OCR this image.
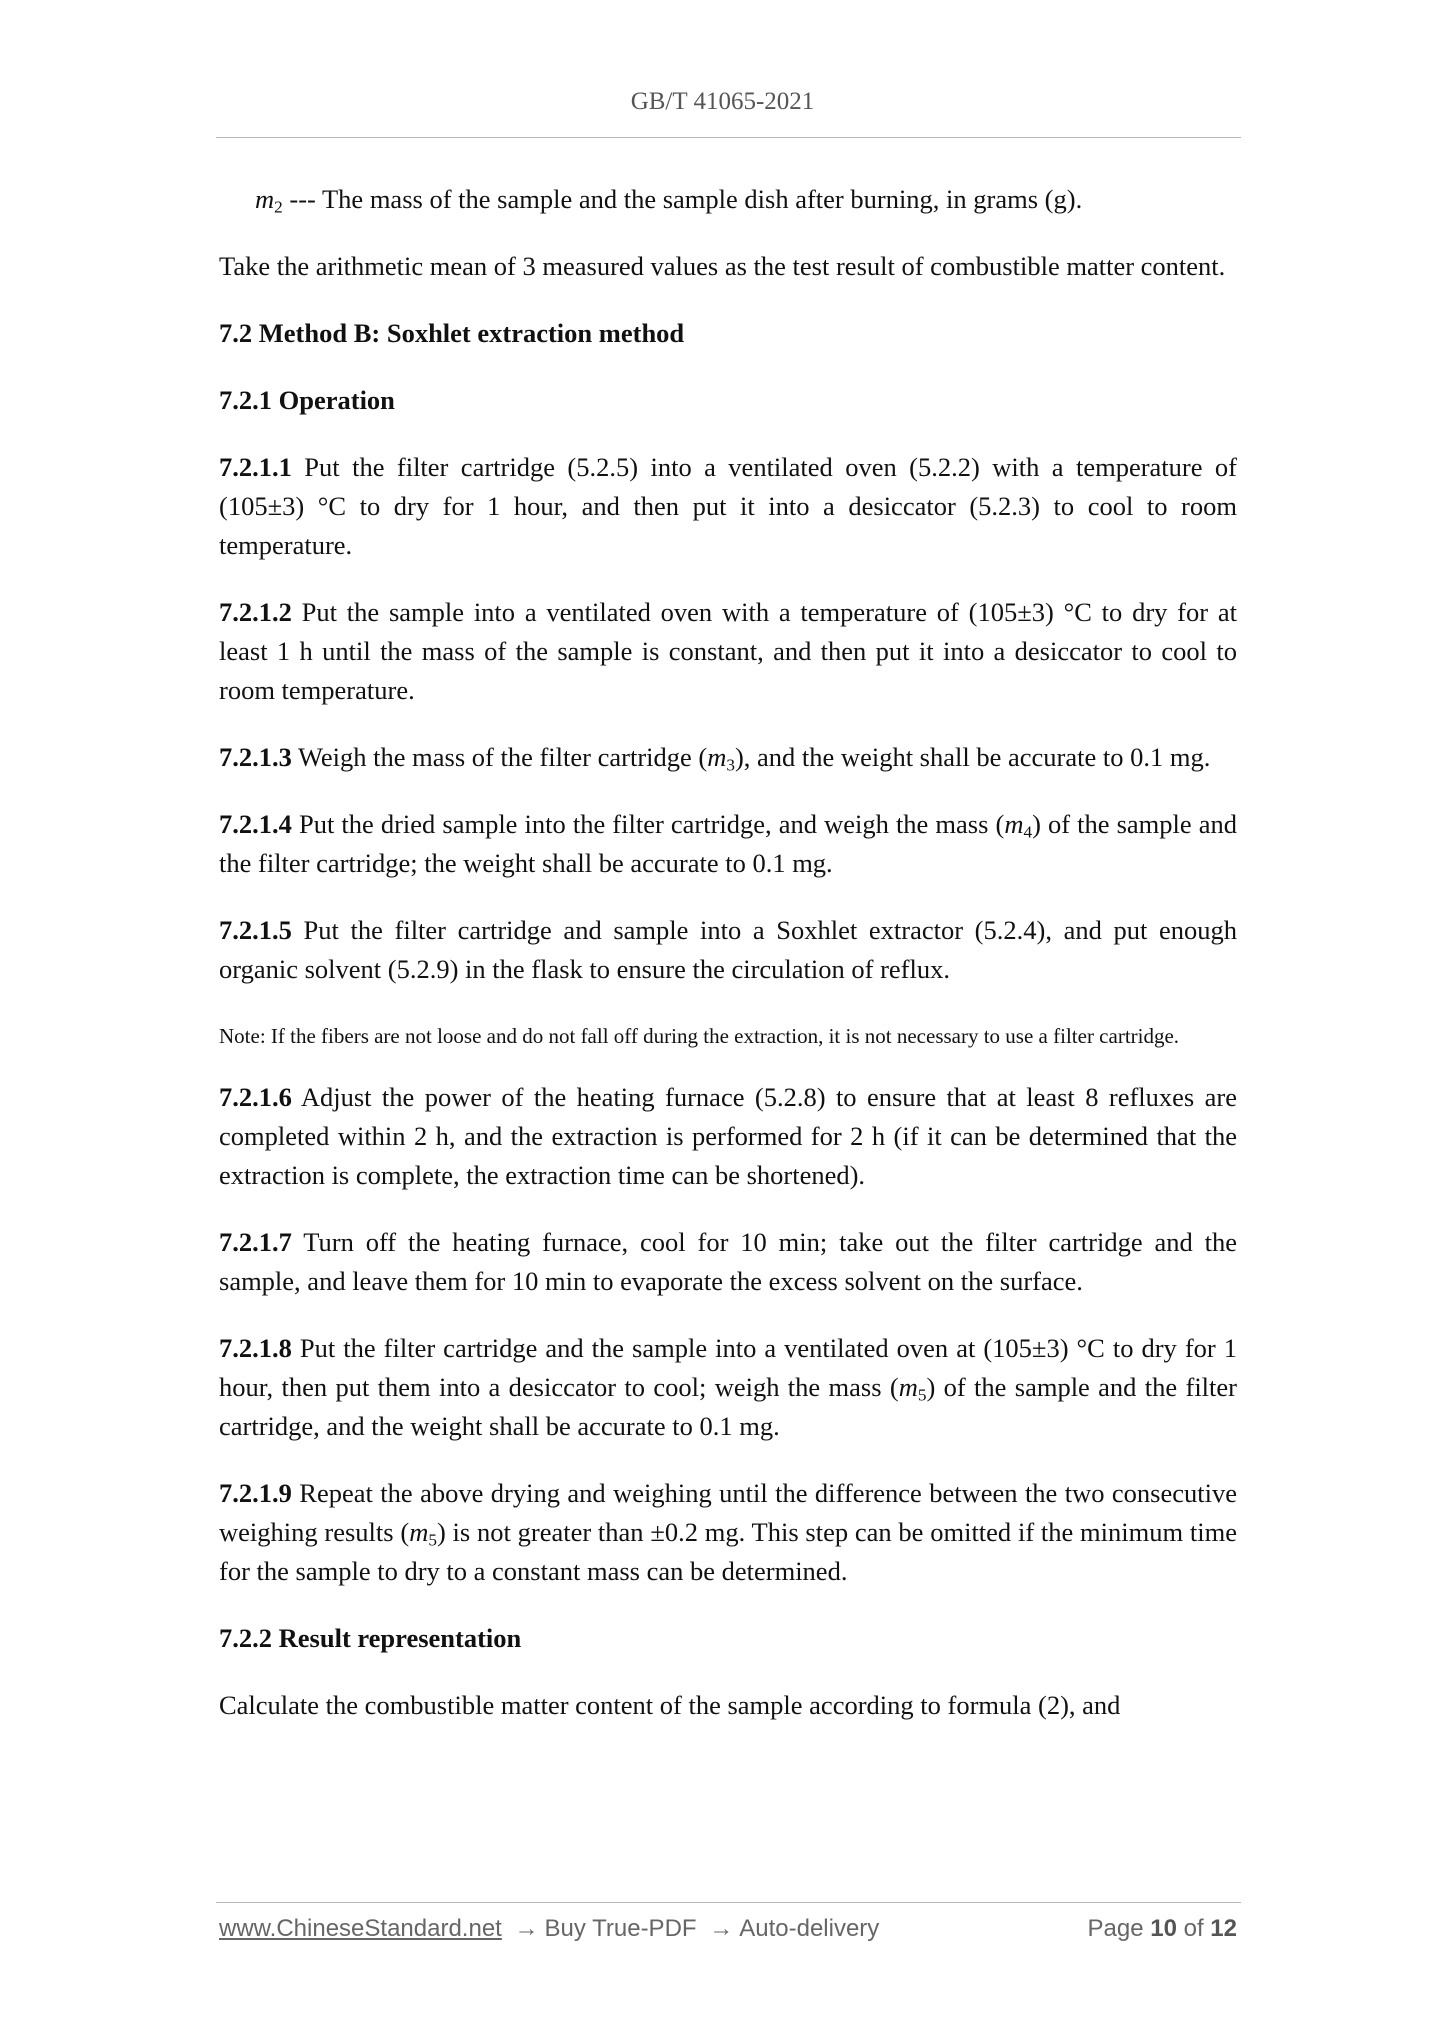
GB/T 41065-2021

$m_2$ --- The mass of the sample and the sample dish after burning, in grams (g).

Take the arithmetic mean of 3 measured values as the test result of combustible matter content.

7.2 Method B: Soxhlet extraction method
7.2.1 Operation

7.2.1.1 Put the filter cartridge (5.2.5) into a ventilated oven (5.2.2) with a temperature of (105±3) °C to dry for 1 hour, and then put it into a desiccator (5.2.3) to cool to room temperature.

7.2.1.2 Put the sample into a ventilated oven with a temperature of (105±3) °C to dry for at least 1 h until the mass of the sample is constant, and then put it into a desiccator to cool to room temperature.

7.2.1.3 Weigh the mass of the filter cartridge $(m_3)$, and the weight shall be accurate to 0.1 mg.

7.2.1.4 Put the dried sample into the filter cartridge, and weigh the mass $(m_4)$ of the sample and the filter cartridge; the weight shall be accurate to 0.1 mg.

7.2.1.5 Put the filter cartridge and sample into a Soxhlet extractor (5.2.4), and put enough organic solvent (5.2.9) in the flask to ensure the circulation of reflux.

Note: If the fibers are not loose and do not fall off during the extraction, it is not necessary to use a filter cartridge.

7.2.1.6 Adjust the power of the heating furnace (5.2.8) to ensure that at least 8 refluxes are completed within 2 h, and the extraction is performed for 2 h (if it can be determined that the extraction is complete, the extraction time can be shortened).

7.2.1.7 Turn off the heating furnace, cool for 10 min; take out the filter cartridge and the sample, and leave them for 10 min to evaporate the excess solvent on the surface.

7.2.1.8 Put the filter cartridge and the sample into a ventilated oven at (105±3) °C to dry for 1 hour, then put them into a desiccator to cool; weigh the mass $(m_5)$ of the sample and the filter cartridge, and the weight shall be accurate to 0.1 mg.

7.2.1.9 Repeat the above drying and weighing until the difference between the two consecutive weighing results $(m_5)$ is not greater than ±0.2 mg. This step can be omitted if the minimum time for the sample to dry to a constant mass can be determined.

7.2.2 Result representation

Calculate the combustible matter content of the sample according to formula (2), and

www.ChineseStandard.net → Buy True-PDF → Auto-delivery	Page 10 of 12
